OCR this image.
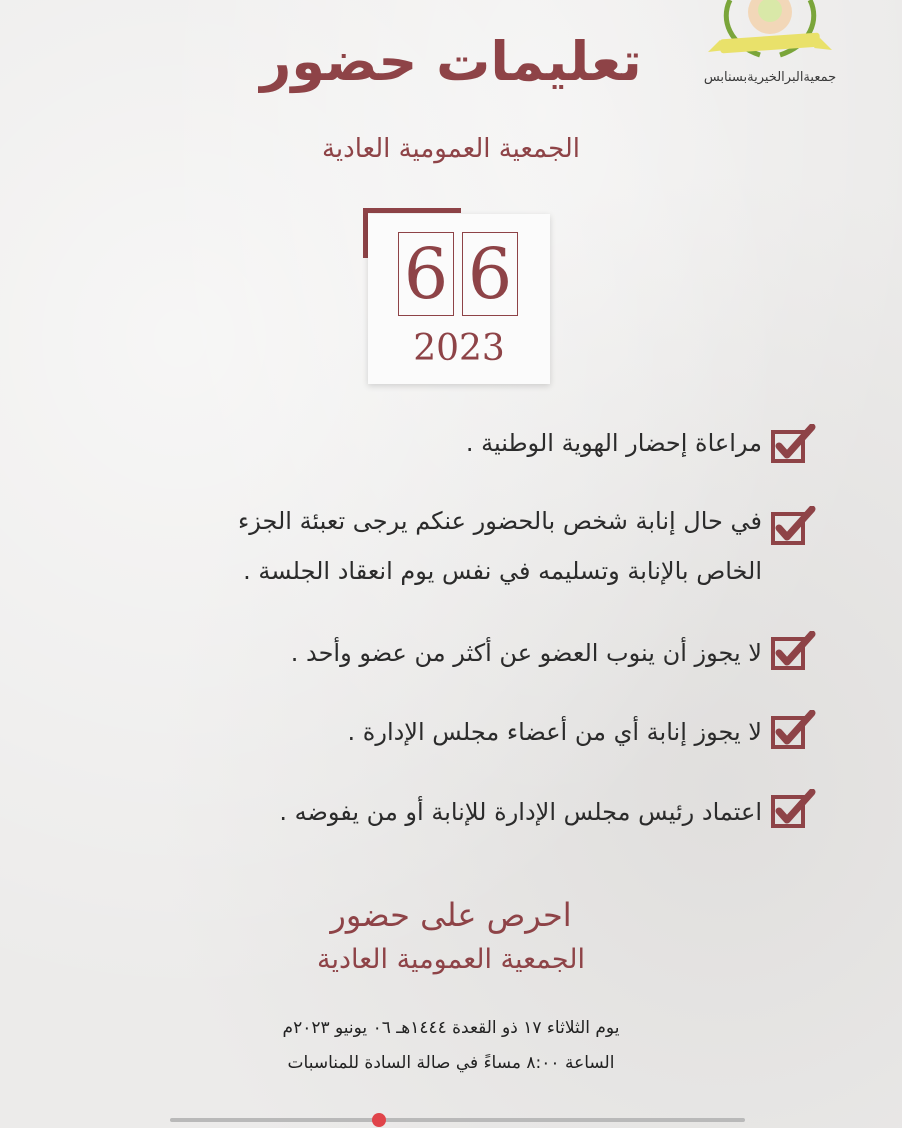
جمعيةالبرالخيريةبسنابس
تعليمات حضور
الجمعية العمومية العادية
6 6
2023
مراعاة إحضار الهوية الوطنية .
في حال إنابة شخص بالحضور عنكم يرجى تعبئة الجزء
الخاص بالإنابة وتسليمه في نفس يوم انعقاد الجلسة .
لا يجوز أن ينوب العضو عن أكثر من عضو وأحد .
لا يجوز إنابة أي من أعضاء مجلس الإدارة .
اعتماد رئيس مجلس الإدارة للإنابة أو من يفوضه .
احرص على حضور
الجمعية العمومية العادية
يوم الثلاثاء ١٧ ذو القعدة ١٤٤٤هـ ٠٦ يونيو ٢٠٢٣م
الساعة ٨:٠٠ مساءً في صالة السادة للمناسبات
